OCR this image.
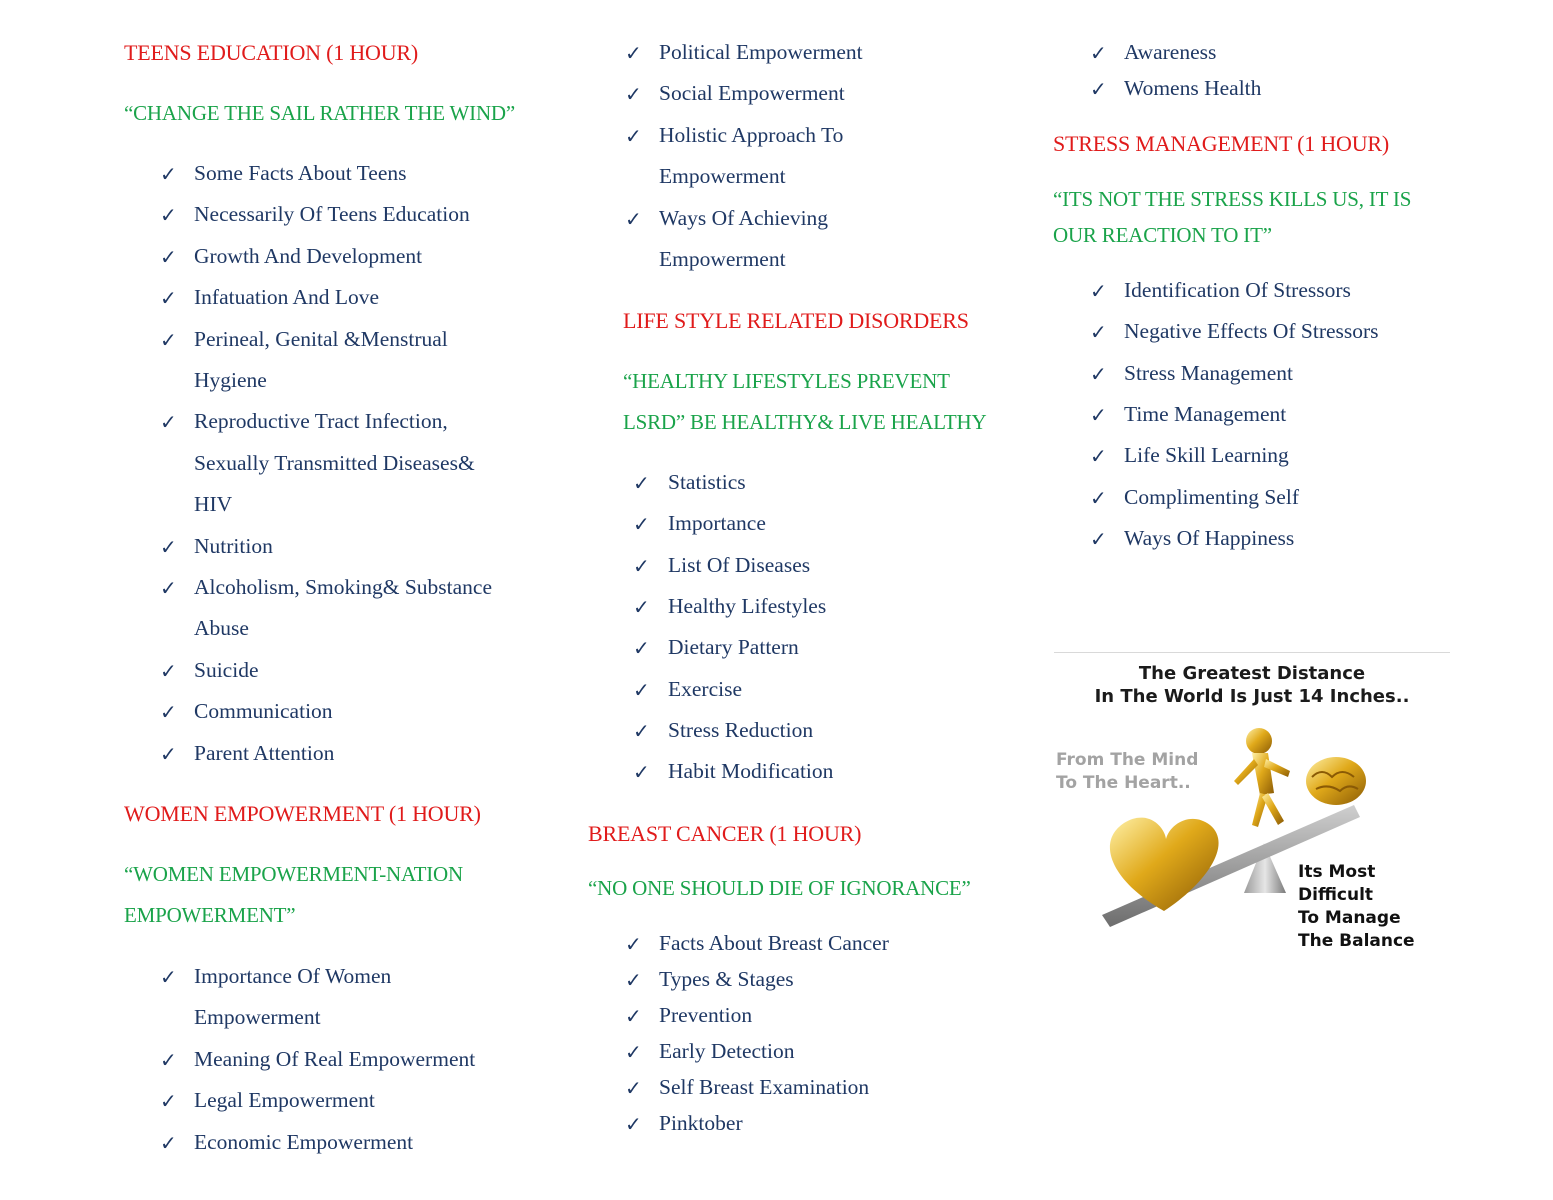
TEENS EDUCATION (1 HOUR)
“CHANGE THE SAIL RATHER THE WIND”
✓ Some Facts About Teens
✓ Necessarily Of Teens Education
✓ Growth And Development
✓ Infatuation And Love
✓ Perineal, Genital &Menstrual
Hygiene
✓ Reproductive Tract Infection,
Sexually Transmitted Diseases&
HIV
✓ Nutrition
✓ Alcoholism, Smoking& Substance
Abuse
✓ Suicide
✓ Communication
✓ Parent Attention
WOMEN EMPOWERMENT (1 HOUR)
“WOMEN EMPOWERMENT-NATION
EMPOWERMENT”
✓ Importance Of Women
Empowerment
✓ Meaning Of Real Empowerment
✓ Legal Empowerment
✓ Economic Empowerment
✓ Political Empowerment
✓ Social Empowerment
✓ Holistic Approach To
Empowerment
✓ Ways Of Achieving
Empowerment
LIFE STYLE RELATED DISORDERS
“HEALTHY LIFESTYLES PREVENT
LSRD” BE HEALTHY& LIVE HEALTHY
✓ Statistics
✓ Importance
✓ List Of Diseases
✓ Healthy Lifestyles
✓ Dietary Pattern
✓ Exercise
✓ Stress Reduction
✓ Habit Modification
BREAST CANCER (1 HOUR)
“NO ONE SHOULD DIE OF IGNORANCE”
✓ Facts About Breast Cancer
✓ Types & Stages
✓ Prevention
✓ Early Detection
✓ Self Breast Examination
✓ Pinktober
✓ Awareness
✓ Womens Health
STRESS MANAGEMENT (1 HOUR)
“ITS NOT THE STRESS KILLS US, IT IS
OUR REACTION TO IT”
✓ Identification Of Stressors
✓ Negative Effects Of Stressors
✓ Stress Management
✓ Time Management
✓ Life Skill Learning
✓ Complimenting Self
✓ Ways Of Happiness
The Greatest Distance
In The World Is Just 14 Inches..
From The Mind
To The Heart..
Its Most
Difficult
To Manage
The Balance
